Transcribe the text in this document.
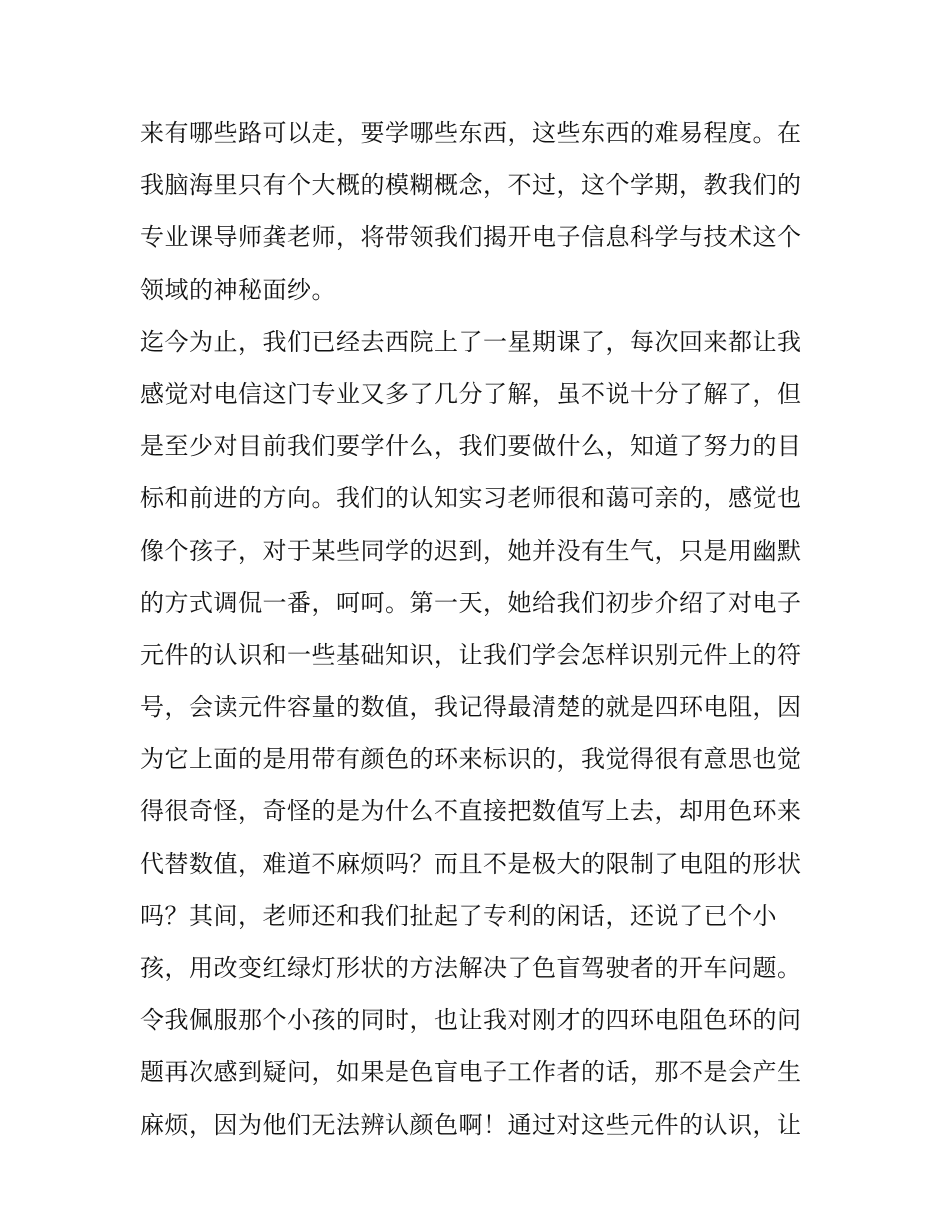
来有哪些路可以走，要学哪些东西，这些东西的难易程度。在
我脑海里只有个大概的模糊概念，不过，这个学期，教我们的
专业课导师龚老师，将带领我们揭开电子信息科学与技术这个
领域的神秘面纱。
迄今为止，我们已经去西院上了一星期课了，每次回来都让我
感觉对电信这门专业又多了几分了解，虽不说十分了解了，但
是至少对目前我们要学什么，我们要做什么，知道了努力的目
标和前进的方向。我们的认知实习老师很和蔼可亲的，感觉也
像个孩子，对于某些同学的迟到，她并没有生气，只是用幽默
的方式调侃一番，呵呵。第一天，她给我们初步介绍了对电子
元件的认识和一些基础知识，让我们学会怎样识别元件上的符
号，会读元件容量的数值，我记得最清楚的就是四环电阻，因
为它上面的是用带有颜色的环来标识的，我觉得很有意思也觉
得很奇怪，奇怪的是为什么不直接把数值写上去，却用色环来
代替数值，难道不麻烦吗？而且不是极大的限制了电阻的形状
吗？其间，老师还和我们扯起了专利的闲话，还说了已个小
孩，用改变红绿灯形状的方法解决了色盲驾驶者的开车问题。
令我佩服那个小孩的同时，也让我对刚才的四环电阻色环的问
题再次感到疑问，如果是色盲电子工作者的话，那不是会产生
麻烦，因为他们无法辨认颜色啊！通过对这些元件的认识，让
